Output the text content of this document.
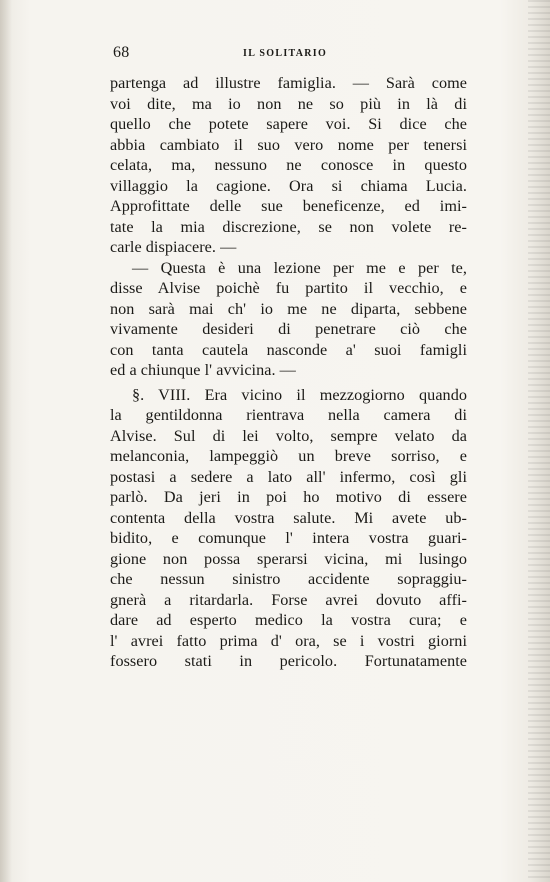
68	IL SOLITARIO
partenga ad illustre famiglia. — Sarà come
voi dite, ma io non ne so più in là di
quello che potete sapere voi. Si dice che
abbia cambiato il suo vero nome per tenersi
celata, ma, nessuno ne conosce in questo
villaggio la cagione. Ora si chiama Lucia.
Approfittate delle sue beneficenze, ed imi-
tate la mia discrezione, se non volete re-
carle dispiacere. —
— Questa è una lezione per me e per te,
disse Alvise poichè fu partito il vecchio, e
non sarà mai ch' io me ne diparta, sebbene
vivamente desideri di penetrare ciò che
con tanta cautela nasconde a' suoi famigli
ed a chiunque l' avvicina. —
§. VIII. Era vicino il mezzogiorno quando
la gentildonna rientrava nella camera di
Alvise. Sul di lei volto, sempre velato da
melanconia, lampeggiò un breve sorriso, e
postasi a sedere a lato all' infermo, così gli
parlò. Da jeri in poi ho motivo di essere
contenta della vostra salute. Mi avete ub-
bidito, e comunque l' intera vostra guari-
gione non possa sperarsi vicina, mi lusingo
che nessun sinistro accidente sopraggiu-
gnerà a ritardarla. Forse avrei dovuto affi-
dare ad esperto medico la vostra cura; e
l' avrei fatto prima d' ora, se i vostri giorni
fossero stati in pericolo. Fortunatamente
